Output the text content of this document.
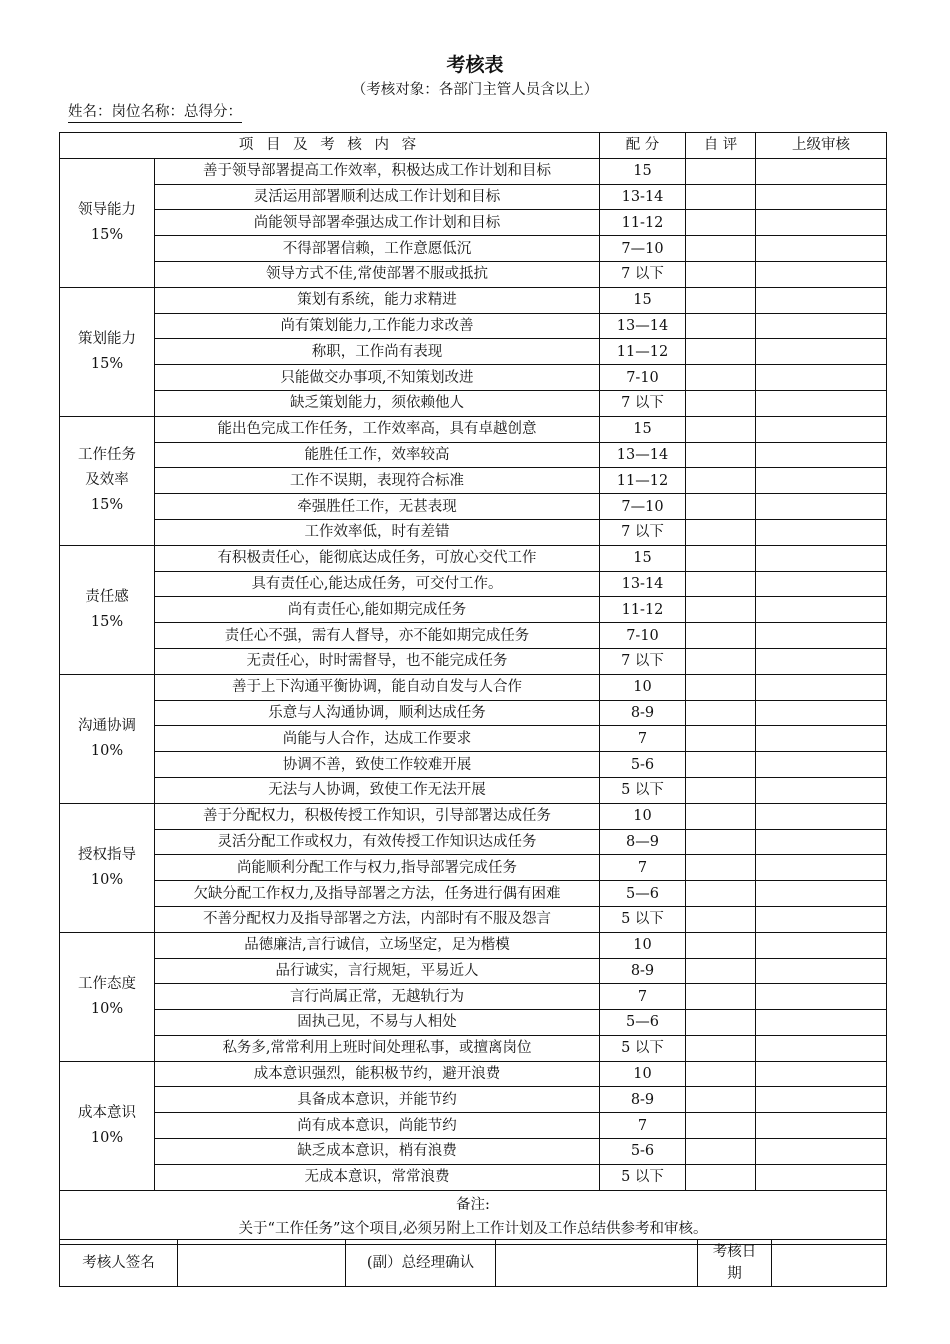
考核表
（考核对象：各部门主管人员含以上）
姓名：岗位名称：总得分：
项 目 及 考 核 内 容		配 分	自 评	上级审核

领导能力
15%	善于领导部署提高工作效率，积极达成工作计划和目标	15		
	灵活运用部署顺利达成工作计划和目标	13-14		
	尚能领导部署牵强达成工作计划和目标	11-12		
	不得部署信赖，工作意愿低沉	7—10		
	领导方式不佳,常使部署不服或抵抗	7 以下		

策划能力
15%	策划有系统，能力求精进	15		
	尚有策划能力,工作能力求改善	13—14		
	称职，工作尚有表现	11—12		
	只能做交办事项,不知策划改进	7-10		
	缺乏策划能力，须依赖他人	7 以下		

工作任务及效率
15%	能出色完成工作任务，工作效率高，具有卓越创意	15		
	能胜任工作，效率较高	13—14		
	工作不误期，表现符合标准	11—12		
	牵强胜任工作，无甚表现	7—10		
	工作效率低，时有差错	7 以下		

责任感
15%	有积极责任心，能彻底达成任务，可放心交代工作	15		
	具有责任心,能达成任务，可交付工作。	13-14		
	尚有责任心,能如期完成任务	11-12		
	责任心不强，需有人督导，亦不能如期完成任务	7-10		
	无责任心，时时需督导，也不能完成任务	7 以下		

沟通协调
10%	善于上下沟通平衡协调，能自动自发与人合作	10		
	乐意与人沟通协调，顺利达成任务	8-9		
	尚能与人合作，达成工作要求	7		
	协调不善，致使工作较难开展	5-6		
	无法与人协调，致使工作无法开展	5 以下		

授权指导
10%	善于分配权力，积极传授工作知识，引导部署达成任务	10		
	灵活分配工作或权力，有效传授工作知识达成任务	8—9		
	尚能顺利分配工作与权力,指导部署完成任务	7		
	欠缺分配工作权力,及指导部署之方法，任务进行偶有困难	5—6		
	不善分配权力及指导部署之方法，内部时有不服及怨言	5 以下		

工作态度
10%	品德廉洁,言行诚信，立场坚定，足为楷模	10		
	品行诚实，言行规矩，平易近人	8-9		
	言行尚属正常，无越轨行为	7		
	固执己见，不易与人相处	5—6		
	私务多,常常利用上班时间处理私事，或擅离岗位	5 以下		

成本意识
10%	成本意识强烈，能积极节约，避开浪费	10		
	具备成本意识，并能节约	8-9		
	尚有成本意识，尚能节约	7		
	缺乏成本意识，梢有浪费	5-6		
	无成本意识，常常浪费	5 以下		

备注:
关于“工作任务”这个项目,必须另附上工作计划及工作总结供参考和审核。				
考核人签名		(副）总经理确认		
考核日
期
